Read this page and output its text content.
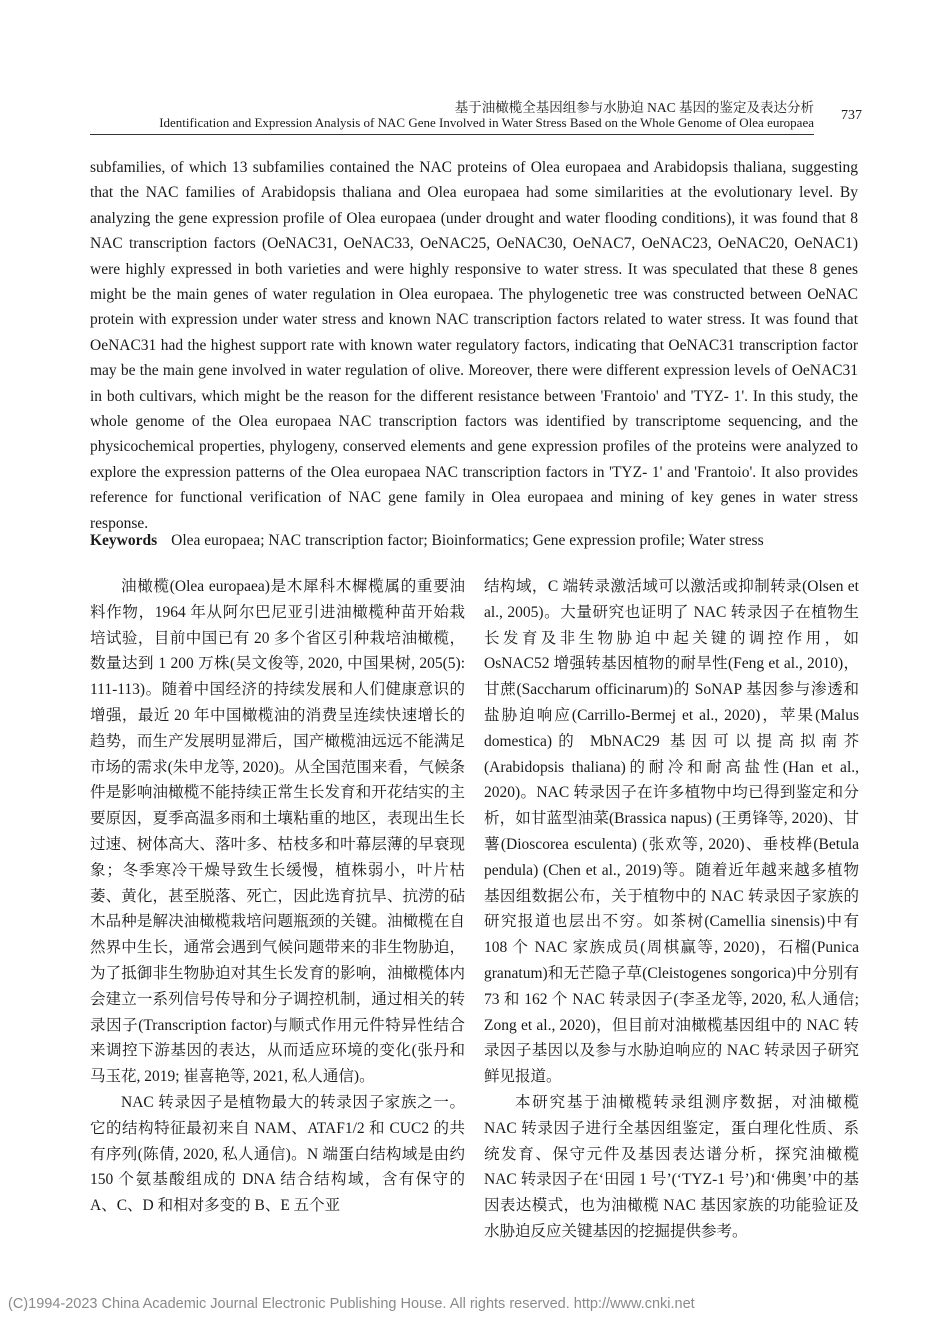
基于油橄榄全基因组参与水胁迫 NAC 基因的鉴定及表达分析
Identification and Expression Analysis of NAC Gene Involved in Water Stress Based on the Whole Genome of Olea europaea 737
subfamilies, of which 13 subfamilies contained the NAC proteins of Olea europaea and Arabidopsis thaliana, suggesting that the NAC families of Arabidopsis thaliana and Olea europaea had some similarities at the evolutionary level. By analyzing the gene expression profile of Olea europaea (under drought and water flooding conditions), it was found that 8 NAC transcription factors (OeNAC31, OeNAC33, OeNAC25, OeNAC30, OeNAC7, OeNAC23, OeNAC20, OeNAC1) were highly expressed in both varieties and were highly responsive to water stress. It was speculated that these 8 genes might be the main genes of water regulation in Olea europaea. The phylogenetic tree was constructed between OeNAC protein with expression under water stress and known NAC transcription factors related to water stress. It was found that OeNAC31 had the highest support rate with known water regulatory factors, indicating that OeNAC31 transcription factor may be the main gene involved in water regulation of olive. Moreover, there were different expression levels of OeNAC31 in both cultivars, which might be the reason for the different resistance between 'Frantoio' and 'TYZ- 1'. In this study, the whole genome of the Olea europaea NAC transcription factors was identified by transcriptome sequencing, and the physicochemical properties, phylogeny, conserved elements and gene expression profiles of the proteins were analyzed to explore the expression patterns of the Olea europaea NAC transcription factors in 'TYZ- 1' and 'Frantoio'. It also provides reference for functional verification of NAC gene family in Olea europaea and mining of key genes in water stress response.
Keywords Olea europaea; NAC transcription factor; Bioinformatics; Gene expression profile; Water stress

油橄榄(Olea europaea)是木犀科木樨榄属的重要油料作物，1964 年从阿尔巴尼亚引进油橄榄种苗开始栽培试验，目前中国已有 20 多个省区引种栽培油橄榄，数量达到 1 200 万株(吴文俊等, 2020, 中国果树, 205(5): 111-113)。随着中国经济的持续发展和人们健康意识的增强，最近 20 年中国橄榄油的消费呈连续快速增长的趋势，而生产发展明显滞后，国产橄榄油远远不能满足市场的需求(朱申龙等, 2020)。从全国范围来看，气候条件是影响油橄榄不能持续正常生长发育和开花结实的主要原因，夏季高温多雨和土壤粘重的地区，表现出生长过速、树体高大、落叶多、枯枝多和叶幕层薄的早衰现象；冬季寒冷干燥导致生长缓慢，植株弱小，叶片枯萎、黄化，甚至脱落、死亡，因此选育抗旱、抗涝的砧木品种是解决油橄榄栽培问题瓶颈的关键。油橄榄在自然界中生长，通常会遇到气候问题带来的非生物胁迫，为了抵御非生物胁迫对其生长发育的影响，油橄榄体内会建立一系列信号传导和分子调控机制，通过相关的转录因子(Transcription factor)与顺式作用元件特异性结合来调控下游基因的表达，从而适应环境的变化(张丹和马玉花, 2019; 崔喜艳等, 2021, 私人通信)。

NAC 转录因子是植物最大的转录因子家族之一。它的结构特征最初来自 NAM、ATAF1/2 和 CUC2 的共有序列(陈倩, 2020, 私人通信)。N 端蛋白结构域是由约 150 个氨基酸组成的 DNA 结合结构域，含有保守的 A、C、D 和相对多变的 B、E 五个亚

结构域，C 端转录激活域可以激活或抑制转录(Olsen et al., 2005)。大量研究也证明了 NAC 转录因子在植物生长发育及非生物胁迫中起关键的调控作用，如 OsNAC52 增强转基因植物的耐旱性(Feng et al., 2010)，甘蔗(Saccharum officinarum)的 SoNAP 基因参与渗透和盐胁迫响应(Carrillo-Bermej et al., 2020)，苹果(Malus domestica)的 MbNAC29 基因可以提高拟南芥(Arabidopsis thaliana)的耐冷和耐高盐性(Han et al., 2020)。NAC 转录因子在许多植物中均已得到鉴定和分析，如甘蓝型油菜(Brassica napus) (王勇锋等, 2020)、甘薯(Dioscorea esculenta) (张欢等, 2020)、垂枝桦(Betula pendula) (Chen et al., 2019)等。随着近年越来越多植物基因组数据公布，关于植物中的 NAC 转录因子家族的研究报道也层出不穷。如茶树(Camellia sinensis)中有 108 个 NAC 家族成员(周棋赢等, 2020)，石榴(Punica granatum)和无芒隐子草(Cleistogenes songorica)中分别有 73 和 162 个 NAC 转录因子(李圣龙等, 2020, 私人通信; Zong et al., 2020)，但目前对油橄榄基因组中的 NAC 转录因子基因以及参与水胁迫响应的 NAC 转录因子研究鲜见报道。

本研究基于油橄榄转录组测序数据，对油橄榄 NAC 转录因子进行全基因组鉴定，蛋白理化性质、系统发育、保守元件及基因表达谱分析，探究油橄榄 NAC 转录因子在‘田园 1 号’(‘TYZ-1 号’)和‘佛奥’中的基因表达模式，也为油橄榄 NAC 基因家族的功能验证及水胁迫反应关键基因的挖掘提供参考。

(C)1994-2023 China Academic Journal Electronic Publishing House. All rights reserved. http://www.cnki.net
